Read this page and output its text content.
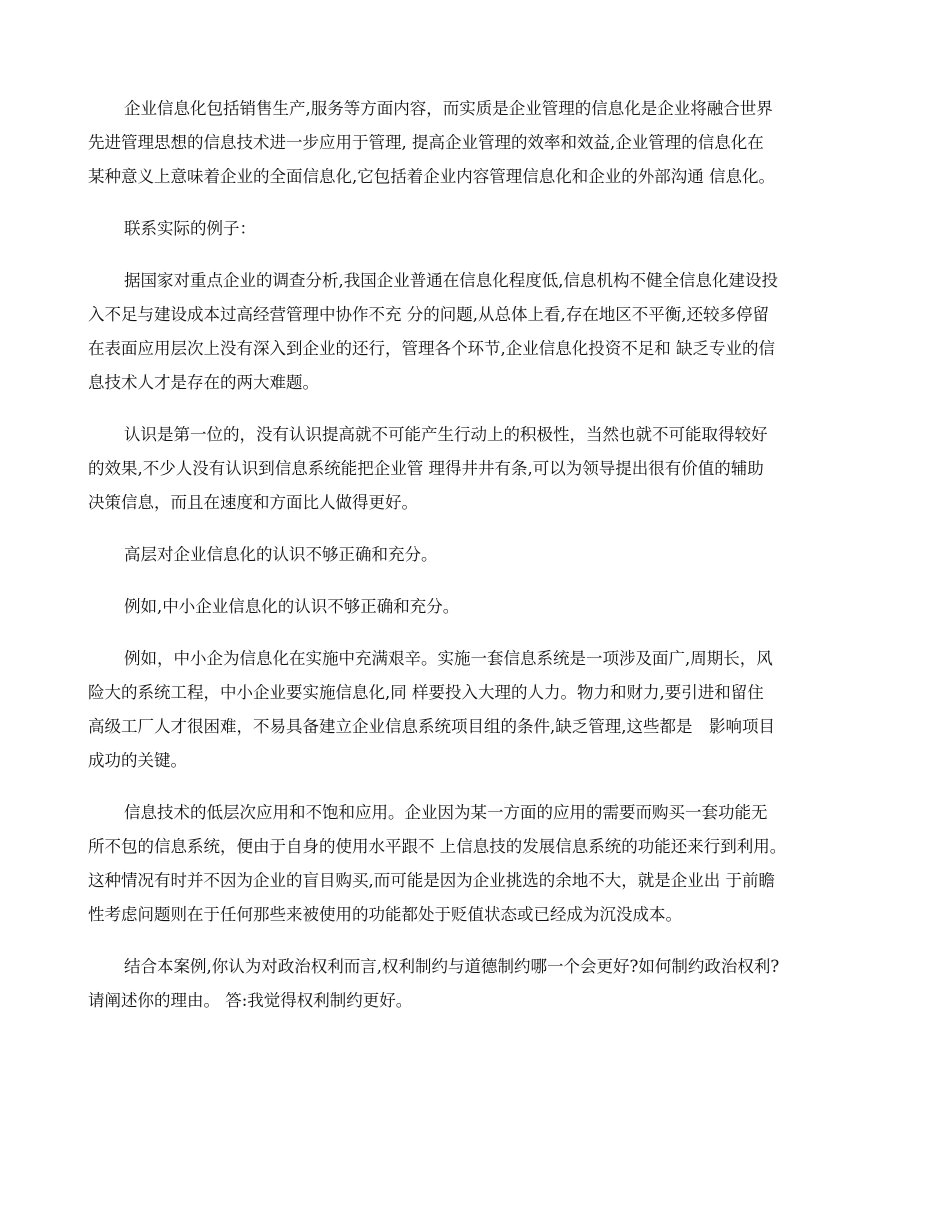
企业信息化包括销售生产,服务等方面内容，而实质是企业管理的信息化是企业将融合世界
先进管理思想的信息技术进一步应用于管理, 提高企业管理的效率和效益,企业管理的信息化在
某种意义上意味着企业的全面信息化,它包括着企业内容管理信息化和企业的外部沟通 信息化。
联系实际的例子：
据国家对重点企业的调查分析,我国企业普通在信息化程度低,信息机构不健全信息化建设投
入不足与建设成本过高经营管理中协作不充 分的问题,从总体上看,存在地区不平衡,还较多停留
在表面应用层次上没有深入到企业的还行，管理各个环节,企业信息化投资不足和 缺乏专业的信
息技术人才是存在的两大难题。
认识是第一位的，没有认识提高就不可能产生行动上的积极性，当然也就不可能取得较好
的效果,不少人没有认识到信息系统能把企业管 理得井井有条,可以为领导提出很有价值的辅助
决策信息，而且在速度和方面比人做得更好。
高层对企业信息化的认识不够正确和充分。
例如,中小企业信息化的认识不够正确和充分。
例如，中小企为信息化在实施中充满艰辛。实施一套信息系统是一项涉及面广,周期长，风
险大的系统工程，中小企业要实施信息化,同 样要投入大理的人力。物力和财力,要引进和留住
高级工厂人才很困难，不易具备建立企业信息系统项目组的条件,缺乏管理,这些都是　影响项目
成功的关键。
信息技术的低层次应用和不饱和应用。企业因为某一方面的应用的需要而购买一套功能无
所不包的信息系统，便由于自身的使用水平跟不 上信息技的发展信息系统的功能还来行到利用。
这种情况有时并不因为企业的盲目购买,而可能是因为企业挑选的余地不大，就是企业出 于前瞻
性考虑问题则在于任何那些来被使用的功能都处于贬值状态或已经成为沉没成本。
结合本案例,你认为对政治权利而言,权利制约与道德制约哪一个会更好?如何制约政治权利?
请阐述你的理由。 答:我觉得权利制约更好。
